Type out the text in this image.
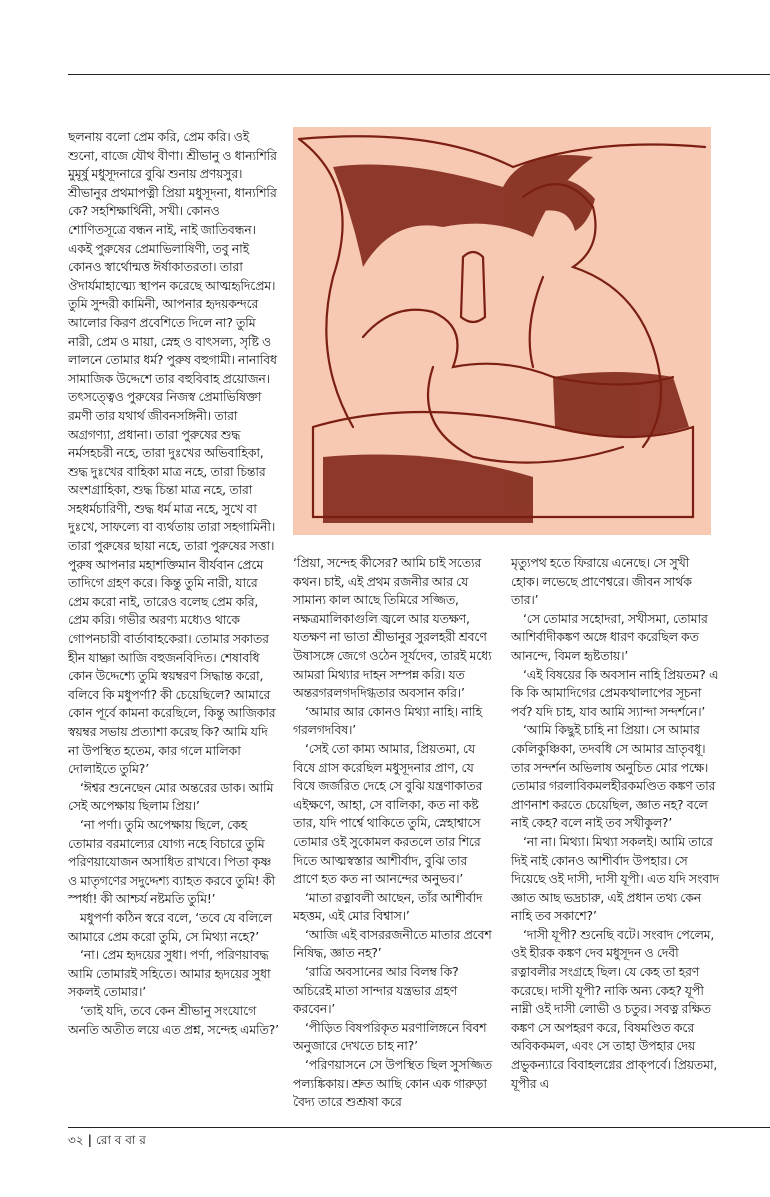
ছলনায় বলো প্রেম করি, প্রেম করি। ওই শুনো, বাজে যৌথ বীণা। শ্রীভানু ও ধান্যশিরি মুমূর্ষু মধুসূদনারে বুঝি শুনায় প্রণয়সুর। শ্রীভানুর প্রথমাপত্নী প্রিয়া মধুসূদনা, ধান্যশিরি কে? সহশিক্ষার্থিনী, সখী। কোনও শোণিতসূত্রে বন্ধন নাই, নাই জাতিবন্ধন। একই পুরুষের প্রেমাভিলাষিণী, তবু নাই কোনও স্বার্থোন্মত্ত ঈর্ষাকাতরতা। তারা ঔদার্যমাহাত্ম্যে স্থাপন করেছে আত্মহৃদিপ্রেম। তুমি সুন্দরী কামিনী, আপনার হৃদয়কন্দরে আলোর কিরণ প্রবেশিতে দিলে না? তুমি নারী, প্রেম ও মায়া, স্নেহ ও বাৎসল্য, সৃষ্টি ও লালনে তোমার ধর্ম? পুরুষ বহুগামী। নানাবিধ সামাজিক উদ্দেশে তার বহুবিবাহ প্রয়োজন। তৎসত্ত্বেও পুরুষের নিজস্ব প্রেমাভিষিক্তা রমণী তার যথার্থ জীবনসঙ্গিনী। তারা অগ্রগণ্যা, প্রধানা। তারা পুরুষের শুদ্ধ নর্মসহচরী নহে, তারা দুঃখের অভিবাহিকা, শুদ্ধ দুঃখের বাহিকা মাত্র নহে, তারা চিন্তার অংশগ্রাহিকা, শুদ্ধ চিন্তা মাত্র নহে, তারা সহধর্মচারিণী, শুদ্ধ ধর্ম মাত্র নহে, সুখে বা দুঃখে, সাফল্যে বা ব্যর্থতায় তারা সহগামিনী। তারা পুরুষের ছায়া নহে, তারা পুরুষের সত্তা। পুরুষ আপনার মহাশক্তিমান বীর্যবান প্রেমে তাদিগে গ্রহণ করে। কিন্তু তুমি নারী, যারে প্রেম করো নাই, তারেও বলেছ প্রেম করি, প্রেম করি। গভীর অরণ্য মধ্যেও থাকে গোপনচারী বার্তাবাহকেরা। তোমার সকাতর হীন যাচ্ঞা আজি বহুজনবিদিত। শেষাবধি কোন উদ্দেশ্যে তুমি স্বয়ম্বরণ সিদ্ধান্ত করো, বলিবে কি মধুপর্ণা? কী চেয়েছিলে? আমারে কোন পূর্বে কামনা করেছিলে, কিন্তু আজিকার স্বয়ম্বর সভায় প্রত্যাশা করেছ কি? আমি যদি না উপস্থিত হতেম, কার গলে মালিকা দোলাইতে তুমি?’

‘ঈশ্বর শুনেছেন মোর অন্তরের ডাক। আমি সেই অপেক্ষায় ছিলাম প্রিয়।’

‘না পর্ণা। তুমি অপেক্ষায় ছিলে, কেহ তোমার বরমাল্যের যোগ্য নহে বিচারে তুমি পরিণয়াযোজন অসাধিত রাখবে। পিতা কৃষ্ণ ও মাতৃগণের সদুদ্দেশ্য ব্যাহত করবে তুমি! কী স্পর্ধা! কী আশ্চর্য নষ্টমতি তুমি!’

মধুপর্ণা কঠিন স্বরে বলে, ‘তবে যে বলিলে আমারে প্রেম করো তুমি, সে মিথ্যা নহে?’

‘না। প্রেম হৃদয়ের সুধা। পর্ণা, পরিণয়াবদ্ধ আমি তোমারই সহিতে। আমার হৃদয়ের সুধা সকলই তোমার।’

‘তাই যদি, তবে কেন শ্রীভানু সংযোগে অনতি অতীত লয়ে এত প্রশ্ন, সন্দেহ এমতি?’

‘প্রিয়া, সন্দেহ কীসের? আমি চাই সত্যের কথন। চাই, এই প্রথম রজনীর আর যে সামান্য কাল আছে তিমিরে সজ্জিত, নক্ষত্রমালিকাগুলি জ্বলে আর যতক্ষণ, যতক্ষণ না ভাতা শ্রীভানুর সুরলহরী শ্রবণে উষাসঙ্গে জেগে ওঠেন সূর্যদেব, তারই মধ্যে আমরা মিথ্যার দাহন সম্পন্ন করি। যত অন্তরগরলগদদিগ্ধতার অবসান করি।’

‘আমার আর কোনও মিথ্যা নাহি। নাহি গরলগদবিষ।’

‘সেই তো কাম্য আমার, প্রিয়তমা, যে বিষে গ্রাস করেছিল মধুসূদনার প্রাণ, যে বিষে জর্জরিত দেহে সে বুঝি যন্ত্রণাকাতর এইক্ষণে, আহা, সে বালিকা, কত না কষ্ট তার, যদি পার্শ্বে থাকিতে তুমি, স্নেহাশ্বাসে তোমার ওই সুকোমল করতলে তার শিরে দিতে আত্মস্বস্তার আশীর্বাদ, বুঝি তার প্রাণে হত কত না আনন্দের অনুভব।’

‘মাতা রত্নাবলী আছেন, তাঁর আশীর্বাদ মহত্তম, এই মোর বিশ্বাস।’

‘আজি এই বাসররজনীতে মাতার প্রবেশ নিষিদ্ধ, জ্ঞাত নহ?’

‘রাত্রি অবসানের আর বিলম্ব কি? অচিরেই মাতা সান্দার যন্ত্রভার গ্রহণ করবেন।’

‘পীড়িত বিষপরিকৃত মরণালিঙ্গনে বিবশ অনুজারে দেখতে চাহ না?’

‘পরিণয়াসনে সে উপস্থিত ছিল সুসজ্জিত পল্যঙ্কিকায়। শ্রুত আছি কোন এক গারুড়া বৈদ্য তারে শুশ্রূষা করে

মৃত্যুপথ হতে ফিরায়ে এনেছে। সে সুখী হোক। লভেছে প্রাণেশ্বরে। জীবন সার্থক তার।’

‘সে তোমার সহোদরা, সখীসমা, তোমার আশির্বাদীকঙ্কণ অঙ্গে ধারণ করেছিল কত আনন্দে, বিমল হৃষ্টতায়।’

‘এই বিষয়ের কি অবসান নাহি প্রিয়তম? এ কি কি আমাদিগের প্রেমকথালাপের সূচনা পর্ব? যদি চাহ, যাব আমি স্যান্দা সন্দর্শনে।’

‘আমি কিছুই চাহি না প্রিয়া। সে আমার কেলিকুঞ্চিকা, তদবধি সে আমার ভ্রাতৃবধূ। তার সন্দর্শন অভিলাষ অনুচিত মোর পক্ষে। তোমার গরলাবিকমলহীরকমণ্ডিত কঙ্কণ তার প্রাণনাশ করতে চেয়েছিল, জ্ঞাত নহ? বলে নাই কেহ? বলে নাই তব সখীকুল?’

‘না না। মিথ্যা। মিথ্যা সকলই। আমি তারে দিই নাই কোনও আশীর্বাদ উপহার। সে দিয়েছে ওই দাসী, দাসী যূপী। এত যদি সংবাদ জ্ঞাত আছ ভদ্রচারু, এই প্রধান তথ্য কেন নাহি তব সকাশে?’

‘দাসী যূপী? শুনেছি বটে। সংবাদ পেলেম, ওই হীরক কঙ্কণ দেব মধুসূদন ও দেবী রত্নাবলীর সংগ্রহে ছিল। যে কেহ তা হরণ করেছে। দাসী যূপী? নাকি অন্য কেহ? যূপী নাম্নী ওই দাসী লোভী ও চতুর। সবত্ন রক্ষিত কঙ্কণ সে অপহরণ করে, বিষমণ্ডিত করে অবিককমল, এবং সে তাহা উপহার দেয় প্রভুকন্যারে বিবাহলগ্নের প্রাক্পর্বে। প্রিয়তমা, যূপীর এ

৩২ | রো ব বা র
